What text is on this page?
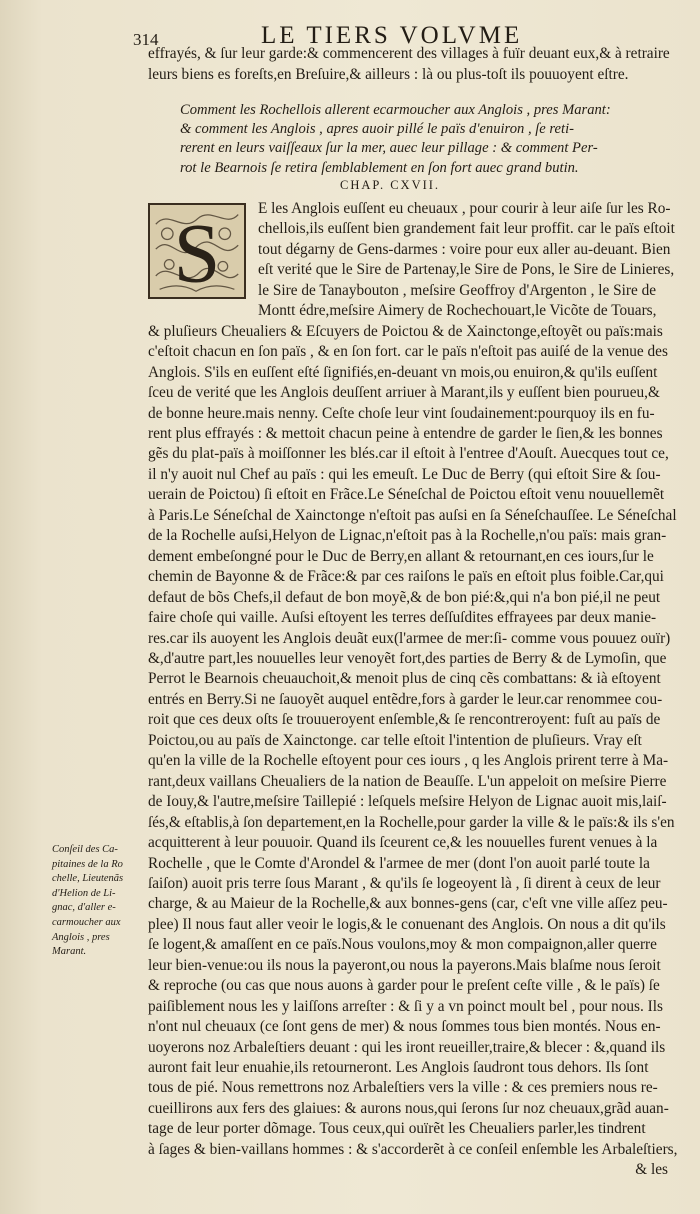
314	LE TIERS VOLVME

effrayés, & ſur leur garde:& commencerent des villages à fuïr deuant eux,& à retraire

leurs biens es foreſts,en Breſuire,& ailleurs : là ou plus-toſt ils pouuoyent eſtre.

Comment les Rochellois allerent ecarmoucher aux Anglois , pres Marant:

& comment les Anglois , apres auoir pillé le païs d'enuiron , ſe reti-

rerent en leurs vaiſſeaux ſur la mer, auec leur pillage : & comment Per-

rot le Bearnois ſe retira ſemblablement en ſon fort auec grand butin.

CHAP. CXVII.
S	E les Anglois euſſent eu cheuaux , pour courir à leur aiſe ſur les Ro-
chellois,ils euſſent bien grandement fait leur proffit. car le païs eſtoit
tout dégarny de Gens-darmes : voire pour eux aller au-deuant. Bien
eſt verité que le Sire de Partenay,le Sire de Pons, le Sire de Linieres,
le Sire de Tanaybouton , meſsire Geoffroy d'Argenton , le Sire de
Montt édre,meſsire Aimery de Rochechouart,le Vicõte de Touars,
& pluſieurs Cheualiers & Eſcuyers de Poictou & de Xainctonge,eſtoyẽt ou païs:mais
c'eſtoit chacun en ſon païs , & en ſon fort. car le païs n'eſtoit pas auiſé de la venue des
Anglois. S'ils en euſſent eſté ſignifiés,en-deuant vn mois,ou enuiron,& qu'ils euſſent
ſceu de verité que les Anglois deuſſent arriuer à Marant,ils y euſſent bien pourueu,&
de bonne heure.mais nenny. Ceſte choſe leur vint ſoudainement:pourquoy ils en fu-
rent plus effrayés : & mettoit chacun peine à entendre de garder le ſien,& les bonnes
gẽs du plat-païs à moiſſonner les blés.car il eſtoit à l'entree d'Aouſt. Auecques tout ce,
il n'y auoit nul Chef au païs : qui les emeuſt. Le Duc de Berry (qui eſtoit Sire & ſou-
uerain de Poictou) ſi eſtoit en Frãce.Le Séneſchal de Poictou eſtoit venu nouuellemẽt
à Paris.Le Séneſchal de Xainctonge n'eſtoit pas auſsi en ſa Séneſchauſſee. Le Séneſchal
de la Rochelle auſsi,Helyon de Lignac,n'eſtoit pas à la Rochelle,n'ou païs: mais gran-
dement embeſongné pour le Duc de Berry,en allant & retournant,en ces iours,ſur le
chemin de Bayonne & de Frãce:& par ces raiſons le païs en eſtoit plus foible.Car,qui
defaut de bõs Chefs,il defaut de bon moyẽ,& de bon pié:&,qui n'a bon pié,il ne peut
faire choſe qui vaille. Auſsi eſtoyent les terres deſſuſdites effrayees par deux manie-
res.car ils auoyent les Anglois deuãt eux(l'armee de mer:ſi- comme vous pouuez ouïr)
&,d'autre part,les nouuelles leur venoyẽt fort,des parties de Berry & de Lymoſin, que
Perrot le Bearnois cheuauchoit,& menoit plus de cinq cẽs combattans: & ià eſtoyent
entrés en Berry.Si ne ſauoyẽt auquel entẽdre,fors à garder le leur.car renommee cou-
roit que ces deux oſts ſe trouueroyent enſemble,& ſe rencontreroyent: fuſt au païs de
Poictou,ou au païs de Xainctonge. car telle eſtoit l'intention de pluſieurs. Vray eſt
qu'en la ville de la Rochelle eſtoyent pour ces iours , q les Anglois prirent terre à Ma-
rant,deux vaillans Cheualiers de la nation de Beauſſe. L'un appeloit on meſsire Pierre
de Iouy,& l'autre,meſsire Taillepié : leſquels meſsire Helyon de Lignac auoit mis,laiſ-
ſés,& eſtablis,à ſon departement,en la Rochelle,pour garder la ville & le païs:& ils s'en
acquitterent à leur pouuoir. Quand ils ſceurent ce,& les nouuelles furent venues à la
Rochelle , que le Comte d'Arondel & l'armee de mer (dont l'on auoit parlé toute la
ſaiſon) auoit pris terre ſous Marant , & qu'ils ſe logeoyent là , ſi dirent à ceux de leur
charge, & au Maieur de la Rochelle,& aux bonnes-gens (car, c'eſt vne ville aſſez peu-
plee) Il nous faut aller veoir le logis,& le conuenant des Anglois. On nous a dit qu'ils
ſe logent,& amaſſent en ce païs.Nous voulons,moy & mon compaignon,aller querre
leur bien-venue:ou ils nous la payeront,ou nous la payerons.Mais blaſme nous ſeroit
& reproche (ou cas que nous auons à garder pour le preſent ceſte ville , & le païs) ſe
paiſiblement nous les y laiſſons arreſter : & ſi y a vn poinct moult bel , pour nous. Ils
n'ont nul cheuaux (ce ſont gens de mer) & nous ſommes tous bien montés. Nous en-
uoyerons noz Arbaleſtiers deuant : qui les iront reueiller,traire,& blecer : &,quand ils
auront fait leur enuahie,ils retourneront. Les Anglois ſaudront tous dehors. Ils ſont
tous de pié. Nous remettrons noz Arbaleſtiers vers la ville : & ces premiers nous re-
cueillirons aux fers des glaiues: & aurons nous,qui ſerons ſur noz cheuaux,grãd auan-
tage de leur porter dõmage. Tous ceux,qui ouïrẽt les Cheualiers parler,les tindrent
à ſages & bien-vaillans hommes : & s'accorderẽt à ce conſeil enſemble les Arbaleſtiers,
& les

Conſeil des Ca-

pitaines de la Ro

chelle, Lieutenãs

d'Helion de Li-

gnac, d'aller e-

carmoucher aux

Anglois , pres

Marant.
